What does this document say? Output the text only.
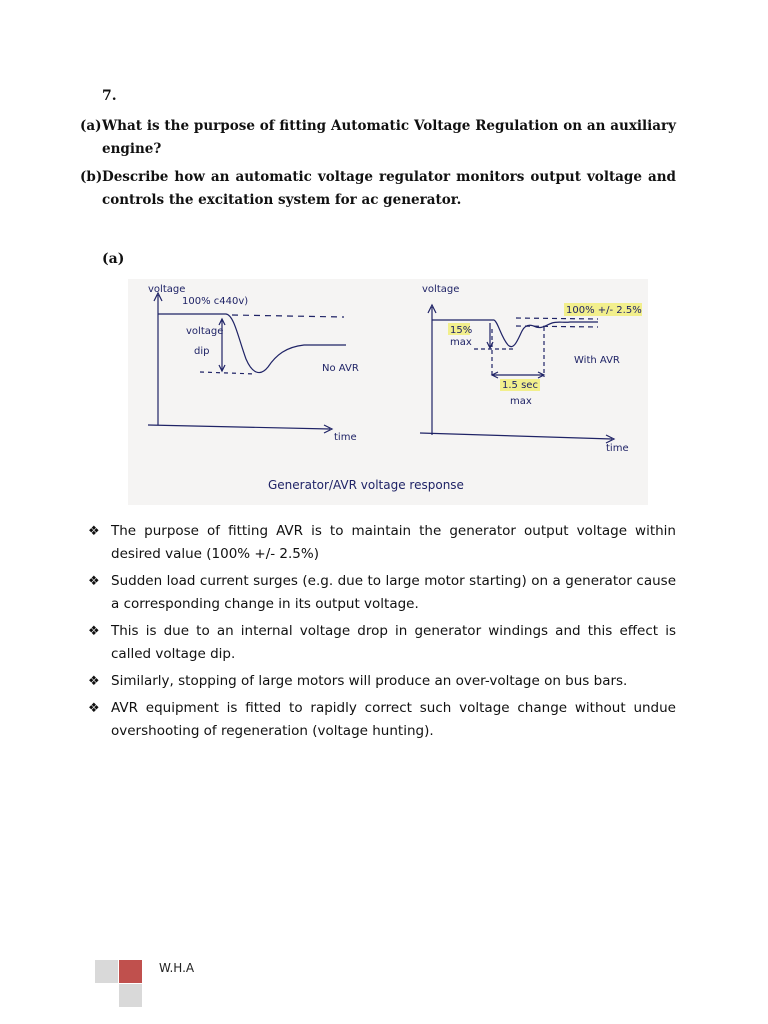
7.
(a) What is the purpose of fitting Automatic Voltage Regulation on an auxiliary engine?
(b) Describe how an automatic voltage regulator monitors output voltage and controls the excitation system for ac generator.
(a)
voltage
100% c440v)
voltage
dip
No AVR
time
voltage
100% +/- 2.5%
15%
max
With AVR
1.5 sec
max
time
Generator/AVR voltage response
❖ The purpose of fitting AVR is to maintain the generator output voltage within desired value (100% +/- 2.5%)
❖ Sudden load current surges (e.g. due to large motor starting) on a generator cause a corresponding change in its output voltage.
❖ This is due to an internal voltage drop in generator windings and this effect is called voltage dip.
❖ Similarly, stopping of large motors will produce an over-voltage on bus bars.
❖ AVR equipment is fitted to rapidly correct such voltage change without undue overshooting of regeneration (voltage hunting).
W.H.A
